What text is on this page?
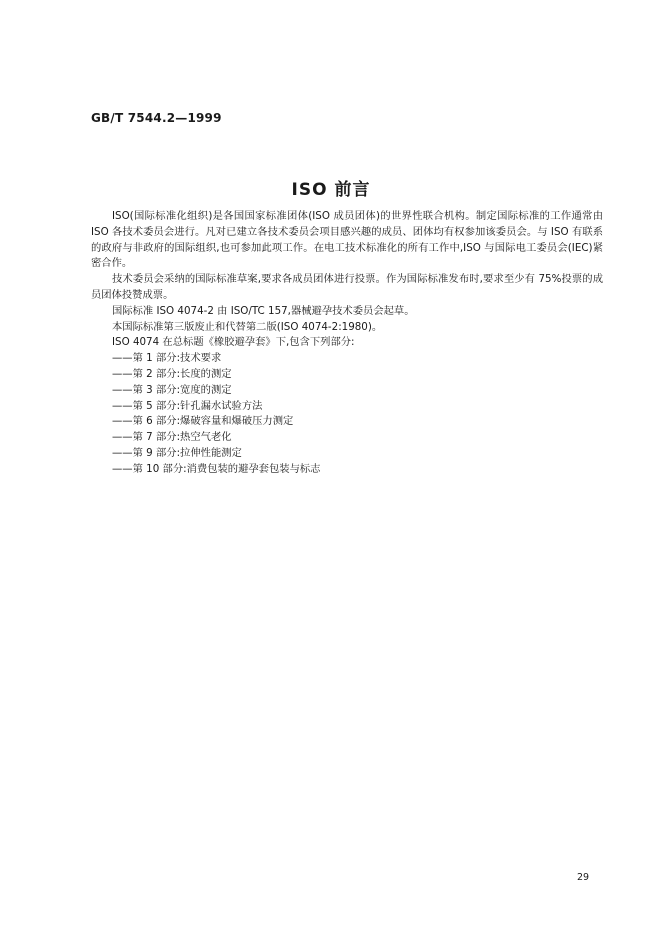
GB/T 7544.2—1999
ISO 前言

ISO(国际标准化组织)是各国国家标准团体(ISO 成员团体)的世界性联合机构。制定国际标准的工作通常由 ISO 各技术委员会进行。凡对已建立各技术委员会项目感兴趣的成员、团体均有权参加该委员会。与 ISO 有联系的政府与非政府的国际组织,也可参加此项工作。在电工技术标准化的所有工作中,ISO 与国际电工委员会(IEC)紧密合作。

技术委员会采纳的国际标准草案,要求各成员团体进行投票。作为国际标准发布时,要求至少有 75%投票的成员团体投赞成票。

国际标准 ISO 4074-2 由 ISO/TC 157,器械避孕技术委员会起草。

本国际标准第三版废止和代替第二版(ISO 4074-2:1980)。

ISO 4074 在总标题《橡胶避孕套》下,包含下列部分:

——第 1 部分:技术要求
——第 2 部分:长度的测定
——第 3 部分:宽度的测定
——第 5 部分:针孔漏水试验方法
——第 6 部分:爆破容量和爆破压力测定
——第 7 部分:热空气老化
——第 9 部分:拉伸性能测定
——第 10 部分:消费包装的避孕套包装与标志
29
